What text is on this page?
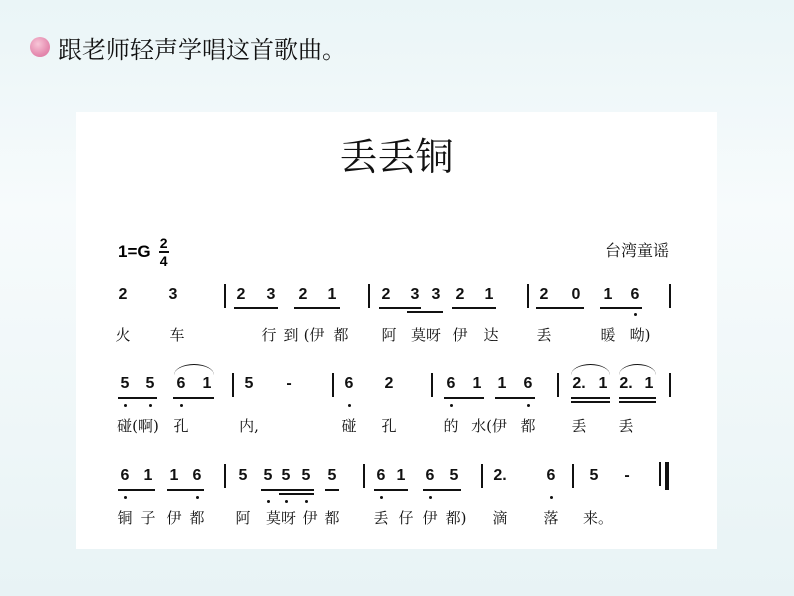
跟老师轻声学唱这首歌曲。
丢丢铜
1=G 2
4
台湾童谣
2	3	2 3 2 1	2 3 3 2 1	2 0 1 6
火	车	行 到 (伊 都 阿 莫呀 伊 达	丢	暖 呦)
5 5 6 1 5 -	6 2	6 1 1 6 2. 1 2. 1
碰(啊) 孔	内,	碰 孔	的 水(伊 都 丢 丢
6 1 1 6 5 5 5 5 5	6 1 6 5 2. 6 5 -
铜 子 伊 都 阿 莫呀 伊 都 丢 仔 伊 都) 滴 落 来。
